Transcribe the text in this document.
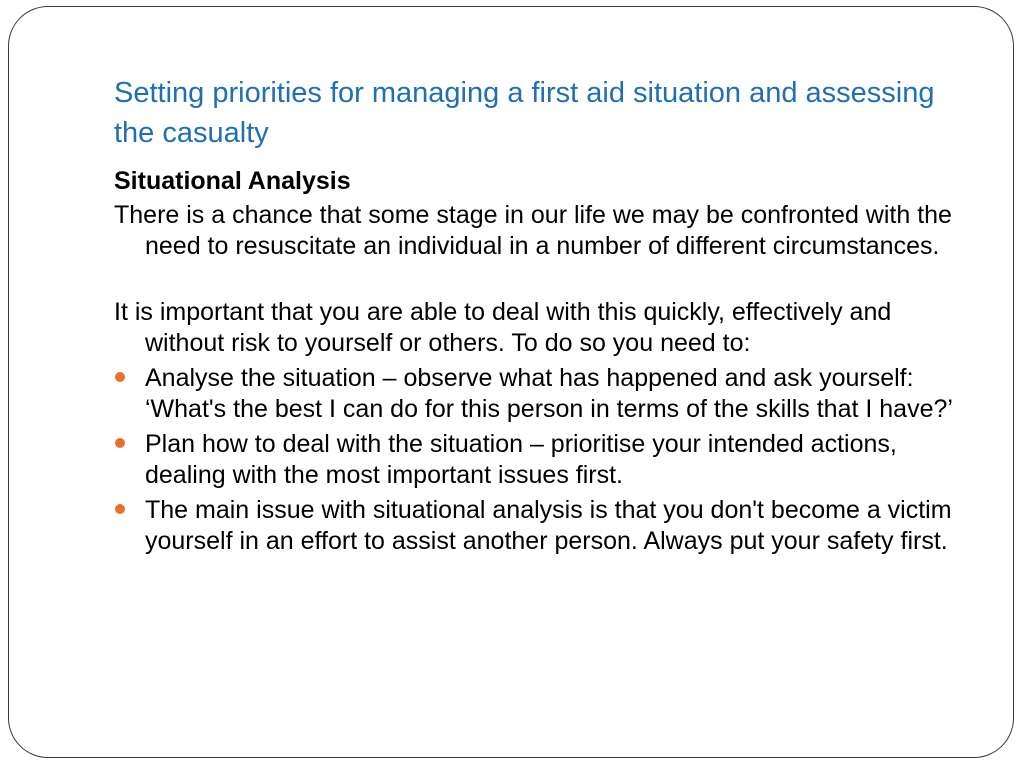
Setting priorities for managing a first aid situation and assessing the casualty

Situational Analysis

There is a chance that some stage in our life we may be confronted with the need to resuscitate an individual in a number of different circumstances.

It is important that you are able to deal with this quickly, effectively and without risk to yourself or others. To do so you need to:

Analyse the situation – observe what has happened and ask yourself: ‘What's the best I can do for this person in terms of the skills that I have?’
Plan how to deal with the situation – prioritise your intended actions, dealing with the most important issues first.
The main issue with situational analysis is that you don't become a victim yourself in an effort to assist another person. Always put your safety first.
